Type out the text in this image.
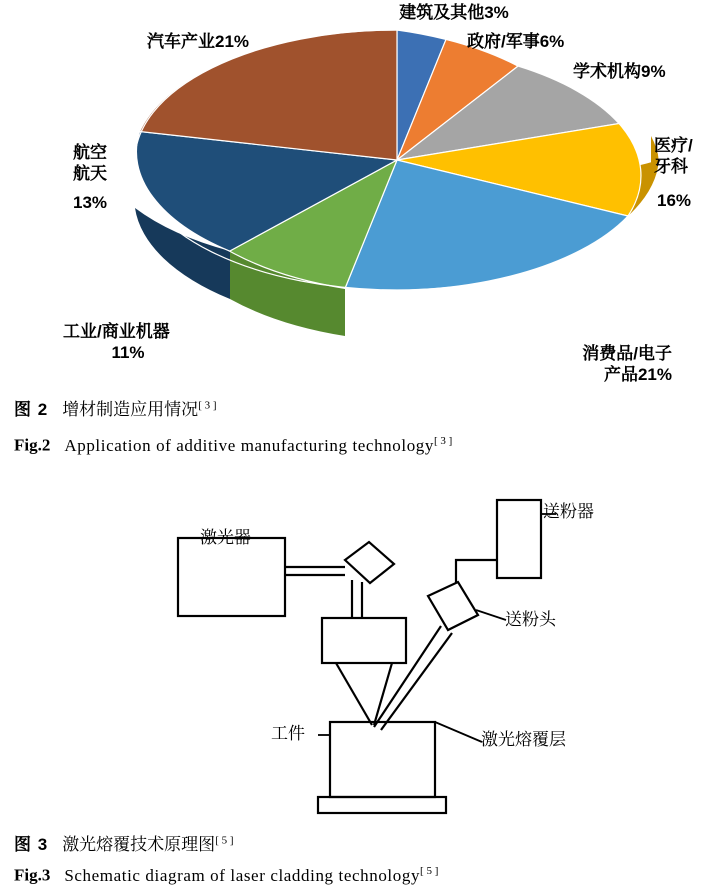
建筑及其他3%
政府/军事6%
学术机构9%
医疗/
牙科
16%
消费品/电子
产品21%
工业/商业机器
11%
航空
航天
13%
汽车产业21%
图 2 增材制造应用情况[ 3 ]
Fig.2 Application of additive manufacturing technology[ 3 ]
送粉器
送粉头
激光器
工件	激光熔覆层
图 3 激光熔覆技术原理图[ 5 ]
Fig.3 Schematic diagram of laser cladding technology[ 5 ]
